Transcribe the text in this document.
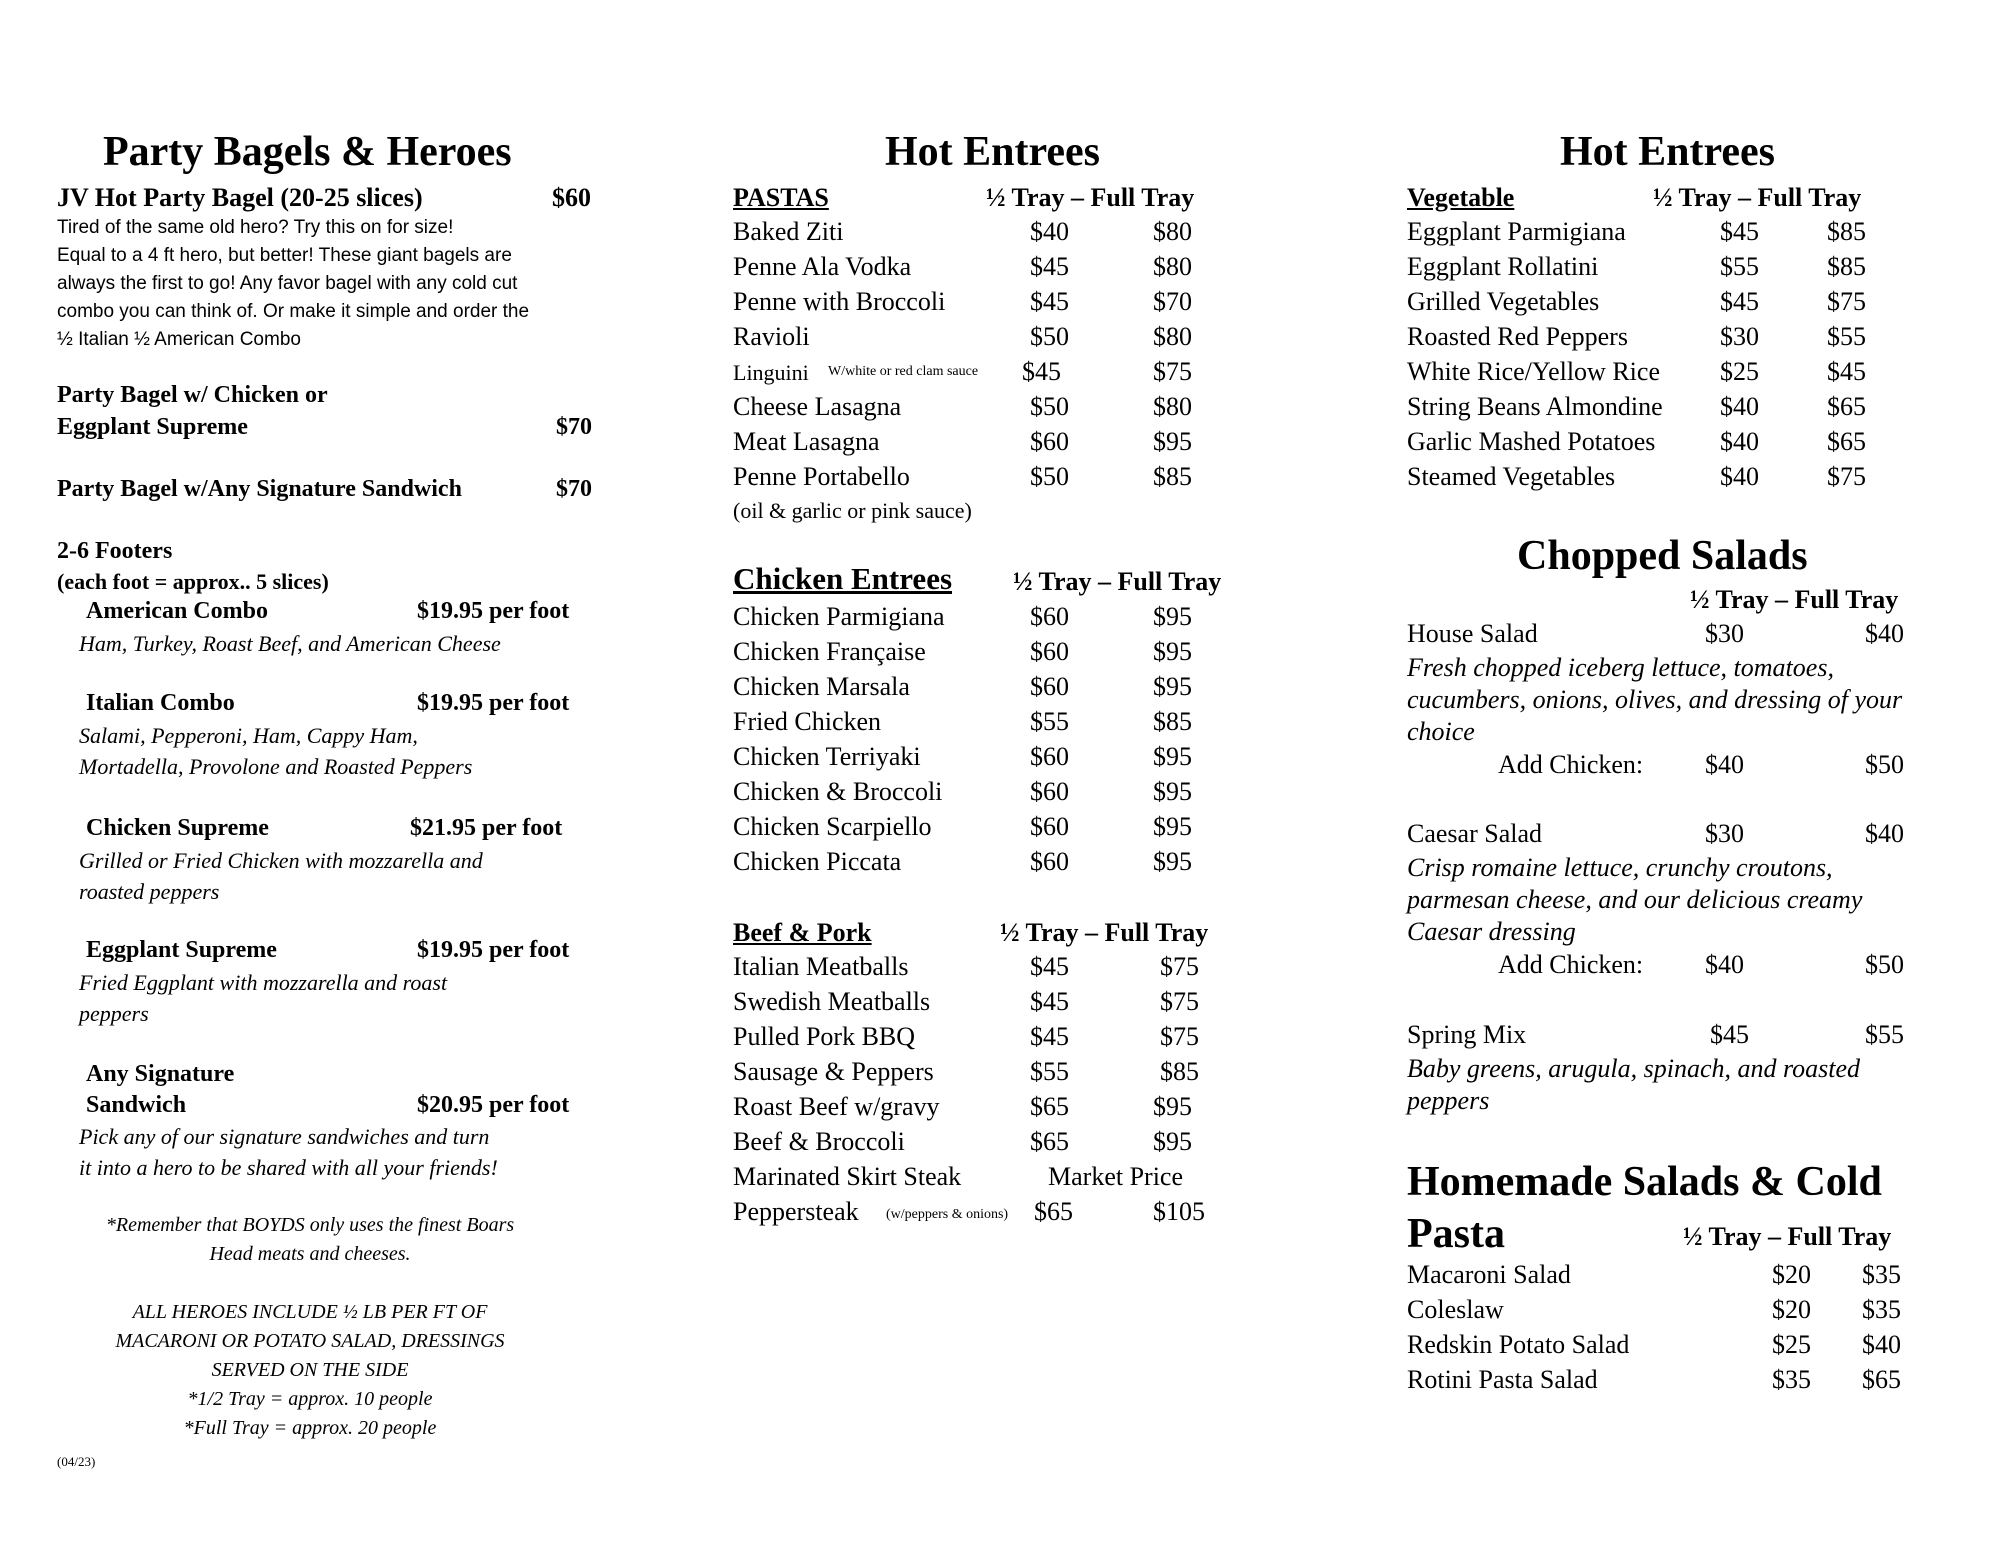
Party Bagels & Heroes
JV Hot Party Bagel (20-25 slices)	$60
Tired of the same old hero? Try this on for size!
Equal to a 4 ft hero, but better! These giant bagels are
always the first to go! Any favor bagel with any cold cut
combo you can think of. Or make it simple and order the
½ Italian ½ American Combo
Party Bagel w/ Chicken or
Eggplant Supreme	$70
Party Bagel w/Any Signature Sandwich	$70
2-6 Footers
(each foot = approx.. 5 slices)
American Combo	$19.95 per foot
Ham, Turkey, Roast Beef, and American Cheese
Italian Combo	$19.95 per foot
Salami, Pepperoni, Ham, Cappy Ham,
Mortadella, Provolone and Roasted Peppers
Chicken Supreme	$21.95 per foot
Grilled or Fried Chicken with mozzarella and
roasted peppers
Eggplant Supreme	$19.95 per foot
Fried Eggplant with mozzarella and roast
peppers
Any Signature
Sandwich	$20.95 per foot
Pick any of our signature sandwiches and turn
it into a hero to be shared with all your friends!
*Remember that BOYDS only uses the finest Boars
Head meats and cheeses.
ALL HEROES INCLUDE ½ LB PER FT OF
MACARONI OR POTATO SALAD, DRESSINGS
SERVED ON THE SIDE
*1/2 Tray = approx. 10 people
*Full Tray = approx. 20 people
(04/23)
Hot Entrees
PASTAS	½ Tray – Full Tray
Baked Ziti	$40	$80
Penne Ala Vodka	$45	$80
Penne with Broccoli	$45	$70
Ravioli	$50	$80
Linguini W/white or red clam sauce $45	$75
Cheese Lasagna	$50	$80
Meat Lasagna	$60	$95
Penne Portabello	$50	$85
(oil & garlic or pink sauce)
Chicken Entrees ½ Tray – Full Tray
Chicken Parmigiana	$60	$95
Chicken Française	$60	$95
Chicken Marsala	$60	$95
Fried Chicken	$55	$85
Chicken Terriyaki	$60	$95
Chicken & Broccoli	$60	$95
Chicken Scarpiello	$60	$95
Chicken Piccata	$60	$95
Beef & Pork	½ Tray – Full Tray
Italian Meatballs	$45	$75
Swedish Meatballs	$45	$75
Pulled Pork BBQ	$45	$75
Sausage & Peppers	$55	$85
Roast Beef w/gravy	$65	$95
Beef & Broccoli	$65	$95
Marinated Skirt Steak	Market Price
Peppersteak (w/peppers & onions) $65	$105
Hot Entrees
Vegetable	½ Tray – Full Tray
Eggplant Parmigiana	$45	$85
Eggplant Rollatini	$55	$85
Grilled Vegetables	$45	$75
Roasted Red Peppers	$30	$55
White Rice/Yellow Rice $25	$45
String Beans Almondine $40	$65
Garlic Mashed Potatoes $40	$65
Steamed Vegetables	$40	$75
Chopped Salads
½ Tray – Full Tray
House Salad	$30	$40
Fresh chopped iceberg lettuce, tomatoes,
cucumbers, onions, olives, and dressing of your
choice
Add Chicken: $40	$50
Caesar Salad	$30	$40
Crisp romaine lettuce, crunchy croutons,
parmesan cheese, and our delicious creamy
Caesar dressing
Add Chicken: $40	$50
Spring Mix	$45	$55
Baby greens, arugula, spinach, and roasted
peppers
Homemade Salads & Cold
Pasta	½ Tray – Full Tray
Macaroni Salad	$20 $35
Coleslaw	$20 $35
Redskin Potato Salad	$25 $40
Rotini Pasta Salad	$35 $65
